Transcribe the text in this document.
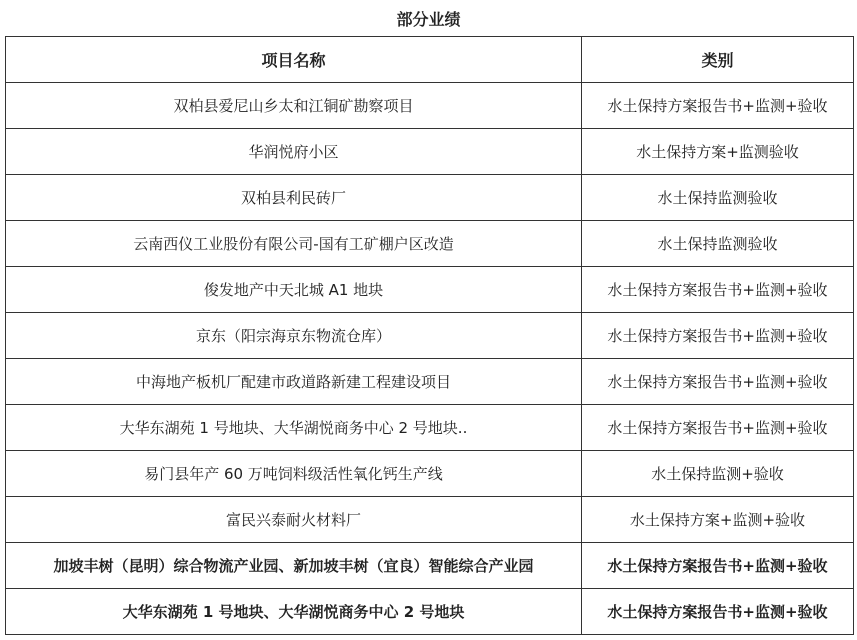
部分业绩
项目名称	类别
双柏县爱尼山乡太和江铜矿勘察项目	水土保持方案报告书+监测+验收
华润悦府小区	水土保持方案+监测验收
双柏县利民砖厂	水土保持监测验收
云南西仪工业股份有限公司-国有工矿棚户区改造	水土保持监测验收
俊发地产中天北城 A1 地块	水土保持方案报告书+监测+验收
京东（阳宗海京东物流仓库）	水土保持方案报告书+监测+验收
中海地产板机厂配建市政道路新建工程建设项目	水土保持方案报告书+监测+验收
大华东湖苑 1 号地块、大华湖悦商务中心 2 号地块..	水土保持方案报告书+监测+验收
易门县年产 60 万吨饲料级活性氧化钙生产线	水土保持监测+验收
富民兴泰耐火材料厂	水土保持方案+监测+验收
加坡丰树（昆明）综合物流产业园、新加坡丰树（宜良）智能综合产业园	水土保持方案报告书+监测+验收
大华东湖苑 1 号地块、大华湖悦商务中心 2 号地块	水土保持方案报告书+监测+验收
